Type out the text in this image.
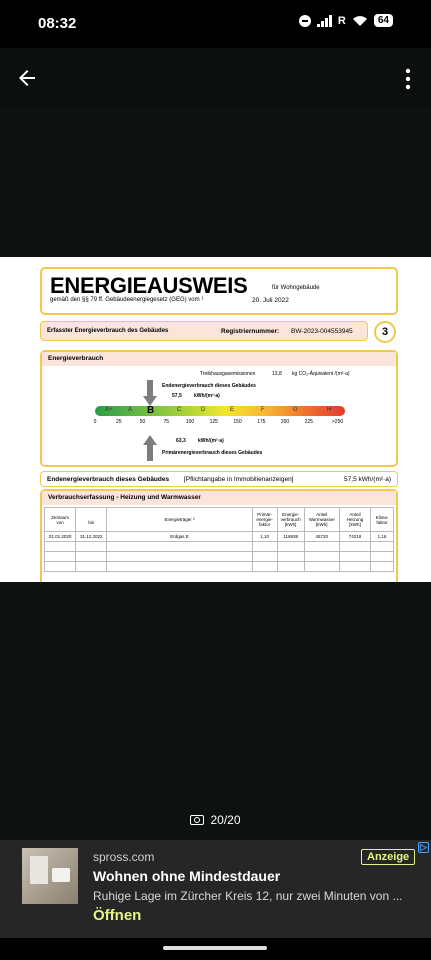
08:32	R	64
ENERGIEAUSWEIS	für Wohngebäude
gemäß den §§ 79 ff. Gebäudeenergiegesetz (GEG) vom ¹	20. Juli 2022
Erfasster Energieverbrauch des Gebäudes	Registriernummer: BW-2023-004553945	3
Energieverbrauch
Treibhausgasemissionen	13,8 kg CO₂-Äquivalent /(m²·a)
Endenergieverbrauch dieses Gebäudes
57,5 kWh/(m²·a)
A+	A B	C	D	E	F	G	H
0	25	50	75	100	125	150	175	200	225	>250
63,3 kWh/(m²·a)
Primärenergieverbrauch dieses Gebäudes
Endenergieverbrauch dieses Gebäudes [Pflichtangabe in Immobilienanzeigen]	57,5 kWh/(m²·a)
Verbrauchserfassung - Heizung und Warmwasser
Zeitraum
von	bis	Energieträger ²	Primär-energie-faktor	Energie-verbrauch [kWh]	Anteil Warmwasser [kWh]	Anteil Heizung [kWh]	Klima-faktor
01.01.2020	31.12.2022	Erdgas E	1,10	119938	45720	74218	1,16

20/20
spross.com	Anzeige
▷
Wohnen ohne Mindestdauer
Ruhige Lage im Zürcher Kreis 12, nur zwei Minuten von ...
Öffnen
